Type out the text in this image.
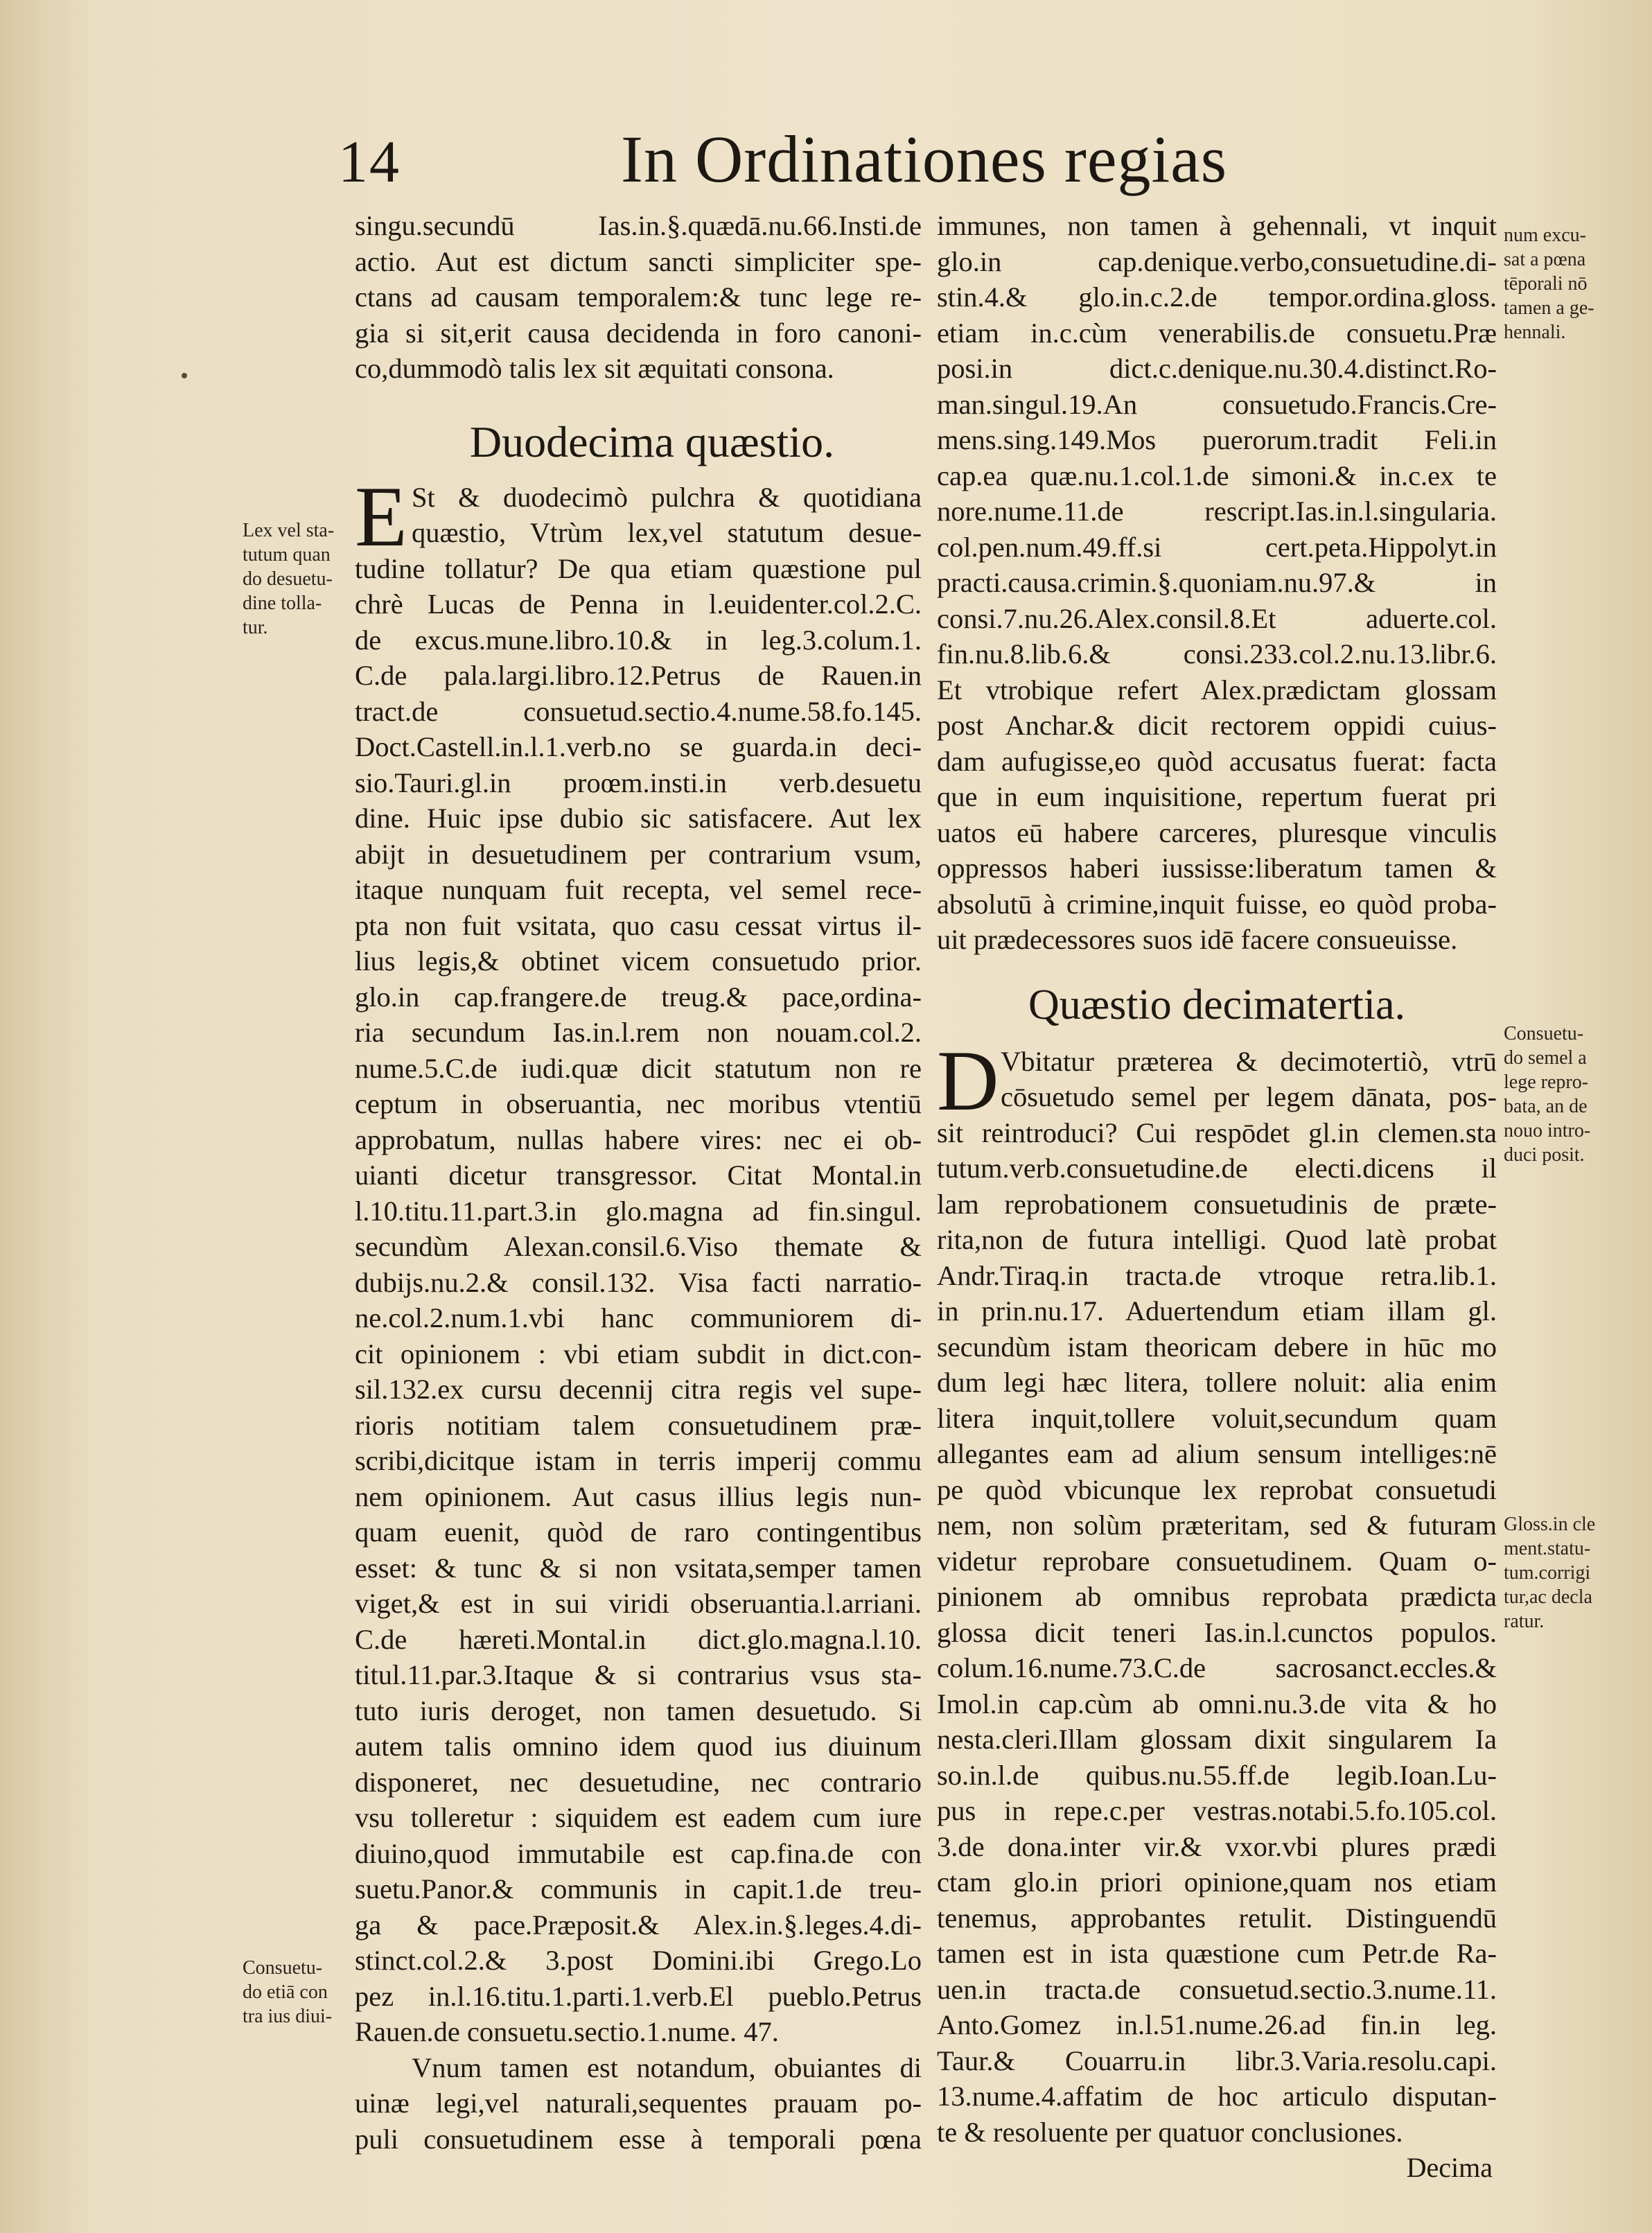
14	In Ordinationes regias
singu.secundū Ias.in.§.quædā.nu.66.Insti.de
actio. Aut est dictum sancti simpliciter spe-
ctans ad causam temporalem:& tunc lege re-
gia si sit,erit causa decidenda in foro canoni-
co,dummodò talis lex sit æquitati consona.
Duodecima quæstio.
E St & duodecimò pulchra & quotidiana
quæstio, Vtrùm lex,vel statutum desue-
tudine tollatur? De qua etiam quæstione pul
chrè Lucas de Penna in l.euidenter.col.2.C.
de excus.mune.libro.10.& in leg.3.colum.1.
C.de pala.largi.libro.12.Petrus de Rauen.in
tract.de consuetud.sectio.4.nume.58.fo.145.
Doct.Castell.in.l.1.verb.no se guarda.in deci-
sio.Tauri.gl.in proœm.insti.in verb.desuetu
dine. Huic ipse dubio sic satisfacere. Aut lex
abijt in desuetudinem per contrarium vsum,
itaque nunquam fuit recepta, vel semel rece-
pta non fuit vsitata, quo casu cessat virtus il-
lius legis,& obtinet vicem consuetudo prior.
glo.in cap.frangere.de treug.& pace,ordina-
ria secundum Ias.in.l.rem non nouam.col.2.
nume.5.C.de iudi.quæ dicit statutum non re
ceptum in obseruantia, nec moribus vtentiū
approbatum, nullas habere vires: nec ei ob-
uianti dicetur transgressor. Citat Montal.in
l.10.titu.11.part.3.in glo.magna ad fin.singul.
secundùm Alexan.consil.6.Viso themate &
dubijs.nu.2.& consil.132. Visa facti narratio-
ne.col.2.num.1.vbi hanc communiorem di-
cit opinionem : vbi etiam subdit in dict.con-
sil.132.ex cursu decennij citra regis vel supe-
rioris notitiam talem consuetudinem præ-
scribi,dicitque istam in terris imperij commu
nem opinionem. Aut casus illius legis nun-
quam euenit, quòd de raro contingentibus
esset: & tunc & si non vsitata,semper tamen
viget,& est in sui viridi obseruantia.l.arriani.
C.de hæreti.Montal.in dict.glo.magna.l.10.
titul.11.par.3.Itaque & si contrarius vsus sta-
tuto iuris deroget, non tamen desuetudo. Si
autem talis omnino idem quod ius diuinum
disponeret, nec desuetudine, nec contrario
vsu tolleretur : siquidem est eadem cum iure
diuino,quod immutabile est cap.fina.de con
suetu.Panor.& communis in capit.1.de treu-
ga & pace.Præposit.& Alex.in.§.leges.4.di-
stinct.col.2.& 3.post Domini.ibi Grego.Lo
pez in.l.16.titu.1.parti.1.verb.El pueblo.Petrus
Rauen.de consuetu.sectio.1.nume. 47.
Vnum tamen est notandum, obuiantes di
uinæ legi,vel naturali,sequentes prauam po-
puli consuetudinem esse à temporali pœna
immunes, non tamen à gehennali, vt inquit
glo.in cap.denique.verbo,consuetudine.di-
stin.4.& glo.in.c.2.de tempor.ordina.gloss.
etiam in.c.cùm venerabilis.de consuetu.Præ
posi.in dict.c.denique.nu.30.4.distinct.Ro-
man.singul.19.An consuetudo.Francis.Cre-
mens.sing.149.Mos puerorum.tradit Feli.in
cap.ea quæ.nu.1.col.1.de simoni.& in.c.ex te
nore.nume.11.de rescript.Ias.in.l.singularia.
col.pen.num.49.ff.si cert.peta.Hippolyt.in
practi.causa.crimin.§.quoniam.nu.97.& in
consi.7.nu.26.Alex.consil.8.Et aduerte.col.
fin.nu.8.lib.6.& consi.233.col.2.nu.13.libr.6.
Et vtrobique refert Alex.prædictam glossam
post Anchar.& dicit rectorem oppidi cuius-
dam aufugisse,eo quòd accusatus fuerat: facta
que in eum inquisitione, repertum fuerat pri
uatos eū habere carceres, pluresque vinculis
oppressos haberi iussisse:liberatum tamen &
absolutū à crimine,inquit fuisse, eo quòd proba-
uit prædecessores suos idē facere consueuisse.
Quæstio decimatertia.
D Vbitatur præterea & decimotertiò, vtrū
cōsuetudo semel per legem dānata, pos-
sit reintroduci? Cui respōdet gl.in clemen.sta
tutum.verb.consuetudine.de electi.dicens il
lam reprobationem consuetudinis de præte-
rita,non de futura intelligi. Quod latè probat
Andr.Tiraq.in tracta.de vtroque retra.lib.1.
in prin.nu.17. Aduertendum etiam illam gl.
secundùm istam theoricam debere in hūc mo
dum legi hæc litera, tollere noluit: alia enim
litera inquit,tollere voluit,secundum quam
allegantes eam ad alium sensum intelliges:nē
pe quòd vbicunque lex reprobat consuetudi
nem, non solùm præteritam, sed & futuram
videtur reprobare consuetudinem. Quam o-
pinionem ab omnibus reprobata prædicta
glossa dicit teneri Ias.in.l.cunctos populos.
colum.16.nume.73.C.de sacrosanct.eccles.&
Imol.in cap.cùm ab omni.nu.3.de vita & ho
nesta.cleri.Illam glossam dixit singularem Ia
so.in.l.de quibus.nu.55.ff.de legib.Ioan.Lu-
pus in repe.c.per vestras.notabi.5.fo.105.col.
3.de dona.inter vir.& vxor.vbi plures prædi
ctam glo.in priori opinione,quam nos etiam
tenemus, approbantes retulit. Distinguendū
tamen est in ista quæstione cum Petr.de Ra-
uen.in tracta.de consuetud.sectio.3.nume.11.
Anto.Gomez in.l.51.nume.26.ad fin.in leg.
Taur.& Couarru.in libr.3.Varia.resolu.capi.
13.nume.4.affatim de hoc articulo disputan-
te & resoluente per quatuor conclusiones.
Decima
Lex vel sta-
tutum quan
do desuetu-
dine tolla-
tur.
Consuetu-
do etiā con
tra ius diui-
num excu-
sat a pœna
tēporali nō
tamen a ge-
hennali.
Consuetu-
do semel a
lege repro-
bata, an de
nouo intro-
duci posit.
Gloss.in cle
ment.statu-
tum.corrigi
tur,ac decla
ratur.
